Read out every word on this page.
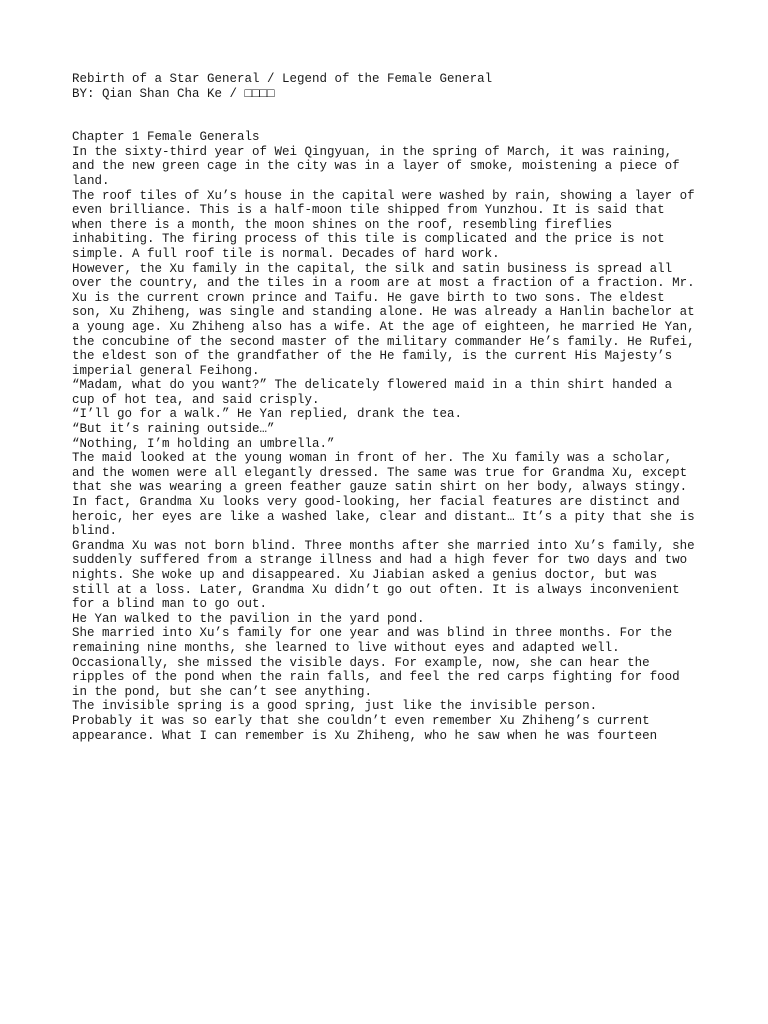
Rebirth of a Star General / Legend of the Female General

BY: Qian Shan Cha Ke / □□□□

Chapter 1 Female Generals

In the sixty-third year of Wei Qingyuan, in the spring of March, it was raining,
and the new green cage in the city was in a layer of smoke, moistening a piece of
land.

The roof tiles of Xu’s house in the capital were washed by rain, showing a layer of
even brilliance. This is a half-moon tile shipped from Yunzhou. It is said that
when there is a month, the moon shines on the roof, resembling fireflies
inhabiting. The firing process of this tile is complicated and the price is not
simple. A full roof tile is normal. Decades of hard work.

However, the Xu family in the capital, the silk and satin business is spread all
over the country, and the tiles in a room are at most a fraction of a fraction. Mr.
Xu is the current crown prince and Taifu. He gave birth to two sons. The eldest
son, Xu Zhiheng, was single and standing alone. He was already a Hanlin bachelor at
a young age. Xu Zhiheng also has a wife. At the age of eighteen, he married He Yan,
the concubine of the second master of the military commander He’s family. He Rufei,
the eldest son of the grandfather of the He family, is the current His Majesty’s
imperial general Feihong.

“Madam, what do you want?” The delicately flowered maid in a thin shirt handed a
cup of hot tea, and said crisply.

“I’ll go for a walk.” He Yan replied, drank the tea.

“But it’s raining outside…”

“Nothing, I’m holding an umbrella.”

The maid looked at the young woman in front of her. The Xu family was a scholar,
and the women were all elegantly dressed. The same was true for Grandma Xu, except
that she was wearing a green feather gauze satin shirt on her body, always stingy.
In fact, Grandma Xu looks very good-looking, her facial features are distinct and
heroic, her eyes are like a washed lake, clear and distant… It’s a pity that she is
blind.

Grandma Xu was not born blind. Three months after she married into Xu’s family, she
suddenly suffered from a strange illness and had a high fever for two days and two
nights. She woke up and disappeared. Xu Jiabian asked a genius doctor, but was
still at a loss. Later, Grandma Xu didn’t go out often. It is always inconvenient
for a blind man to go out.

He Yan walked to the pavilion in the yard pond.

She married into Xu’s family for one year and was blind in three months. For the
remaining nine months, she learned to live without eyes and adapted well.
Occasionally, she missed the visible days. For example, now, she can hear the
ripples of the pond when the rain falls, and feel the red carps fighting for food
in the pond, but she can’t see anything.

The invisible spring is a good spring, just like the invisible person.

Probably it was so early that she couldn’t even remember Xu Zhiheng’s current
appearance. What I can remember is Xu Zhiheng, who he saw when he was fourteen
